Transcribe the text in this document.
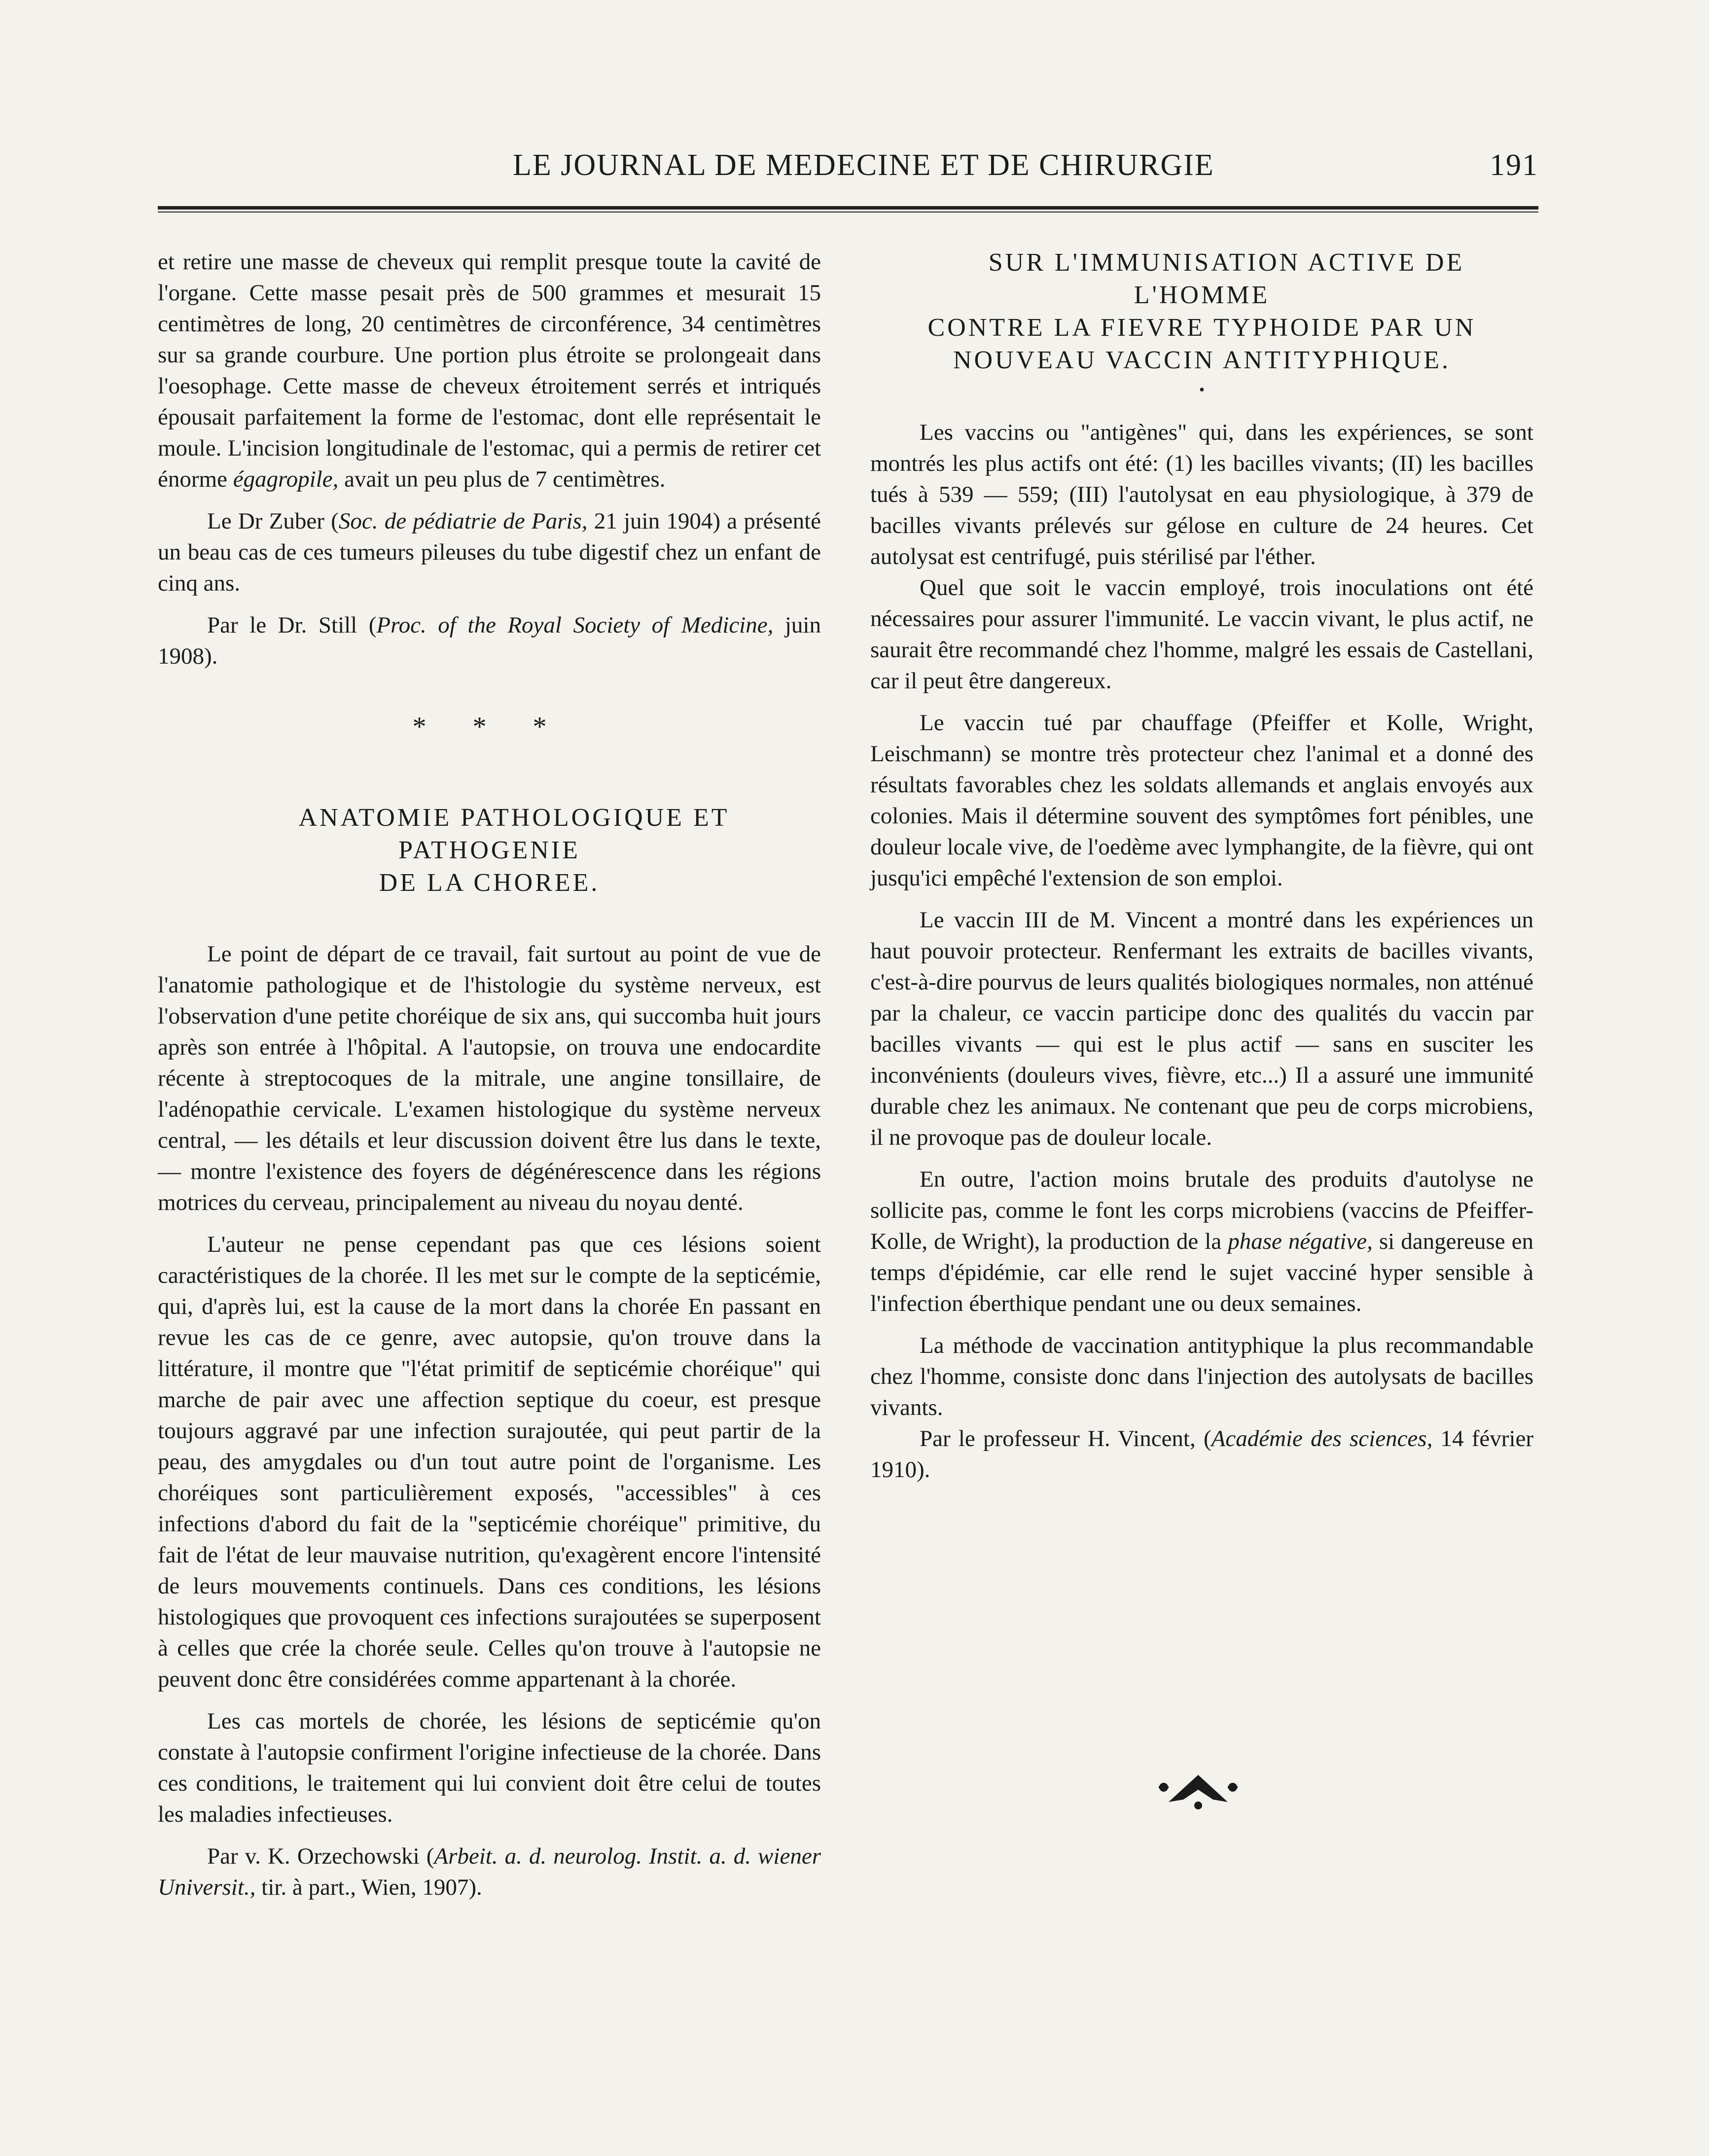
LE JOURNAL DE MEDECINE ET DE CHIRURGIE	191

et retire une masse de cheveux qui remplit presque toute la cavité de l'organe. Cette masse pesait près de 500 grammes et mesurait 15 centimètres de long, 20 centimètres de circonférence, 34 centimètres sur sa grande courbure. Une portion plus étroite se prolongeait dans l'oesophage. Cette masse de cheveux étroitement serrés et intriqués épousait parfaitement la forme de l'estomac, dont elle représentait le moule. L'incision longitudinale de l'estomac, qui a permis de retirer cet énorme égagropile, avait un peu plus de 7 centimètres.

Le Dr Zuber (Soc. de pédiatrie de Paris, 21 juin 1904) a présenté un beau cas de ces tumeurs pileuses du tube digestif chez un enfant de cinq ans.

Par le Dr. Still (Proc. of the Royal Society of Medicine, juin 1908).

* * *

ANATOMIE PATHOLOGIQUE ET PATHOGENIE
DE LA CHOREE.

Le point de départ de ce travail, fait surtout au point de vue de l'anatomie pathologique et de l'histologie du système nerveux, est l'observation d'une petite choréique de six ans, qui succomba huit jours après son entrée à l'hôpital. A l'autopsie, on trouva une endocardite récente à streptocoques de la mitrale, une angine tonsillaire, de l'adénopathie cervicale. L'examen histologique du système nerveux central, — les détails et leur discussion doivent être lus dans le texte, — montre l'existence des foyers de dégénérescence dans les régions motrices du cerveau, principalement au niveau du noyau denté.

L'auteur ne pense cependant pas que ces lésions soient caractéristiques de la chorée. Il les met sur le compte de la septicémie, qui, d'après lui, est la cause de la mort dans la chorée En passant en revue les cas de ce genre, avec autopsie, qu'on trouve dans la littérature, il montre que "l'état primitif de septicémie choréique" qui marche de pair avec une affection septique du coeur, est presque toujours aggravé par une infection surajoutée, qui peut partir de la peau, des amygdales ou d'un tout autre point de l'organisme. Les choréiques sont particulièrement exposés, "accessibles" à ces infections d'abord du fait de la "septicémie choréique" primitive, du fait de l'état de leur mauvaise nutrition, qu'exagèrent encore l'intensité de leurs mouvements continuels. Dans ces conditions, les lésions histologiques que provoquent ces infections surajoutées se superposent à celles que crée la chorée seule. Celles qu'on trouve à l'autopsie ne peuvent donc être considérées comme appartenant à la chorée.

Les cas mortels de chorée, les lésions de septicémie qu'on constate à l'autopsie confirment l'origine infectieuse de la chorée. Dans ces conditions, le traitement qui lui convient doit être celui de toutes les maladies infectieuses.

Par v. K. Orzechowski (Arbeit. a. d. neurolog. Instit. a. d. wiener Universit., tir. à part., Wien, 1907).

SUR L'IMMUNISATION ACTIVE DE L'HOMME
CONTRE LA FIEVRE TYPHOIDE PAR UN
NOUVEAU VACCIN ANTITYPHIQUE.

•

Les vaccins ou "antigènes" qui, dans les expériences, se sont montrés les plus actifs ont été: (1) les bacilles vivants; (II) les bacilles tués à 539 — 559; (III) l'autolysat en eau physiologique, à 379 de bacilles vivants prélevés sur gélose en culture de 24 heures. Cet autolysat est centrifugé, puis stérilisé par l'éther.

Quel que soit le vaccin employé, trois inoculations ont été nécessaires pour assurer l'immunité. Le vaccin vivant, le plus actif, ne saurait être recommandé chez l'homme, malgré les essais de Castellani, car il peut être dangereux.

Le vaccin tué par chauffage (Pfeiffer et Kolle, Wright, Leischmann) se montre très protecteur chez l'animal et a donné des résultats favorables chez les soldats allemands et anglais envoyés aux colonies. Mais il détermine souvent des symptômes fort pénibles, une douleur locale vive, de l'oedème avec lymphangite, de la fièvre, qui ont jusqu'ici empêché l'extension de son emploi.

Le vaccin III de M. Vincent a montré dans les expériences un haut pouvoir protecteur. Renfermant les extraits de bacilles vivants, c'est-à-dire pourvus de leurs qualités biologiques normales, non atténué par la chaleur, ce vaccin participe donc des qualités du vaccin par bacilles vivants — qui est le plus actif — sans en susciter les inconvénients (douleurs vives, fièvre, etc...) Il a assuré une immunité durable chez les animaux. Ne contenant que peu de corps microbiens, il ne provoque pas de douleur locale.

En outre, l'action moins brutale des produits d'autolyse ne sollicite pas, comme le font les corps microbiens (vaccins de Pfeiffer-Kolle, de Wright), la production de la phase négative, si dangereuse en temps d'épidémie, car elle rend le sujet vacciné hyper sensible à l'infection éberthique pendant une ou deux semaines.

La méthode de vaccination antityphique la plus recommandable chez l'homme, consiste donc dans l'injection des autolysats de bacilles vivants.

Par le professeur H. Vincent, (Académie des sciences, 14 février 1910).
